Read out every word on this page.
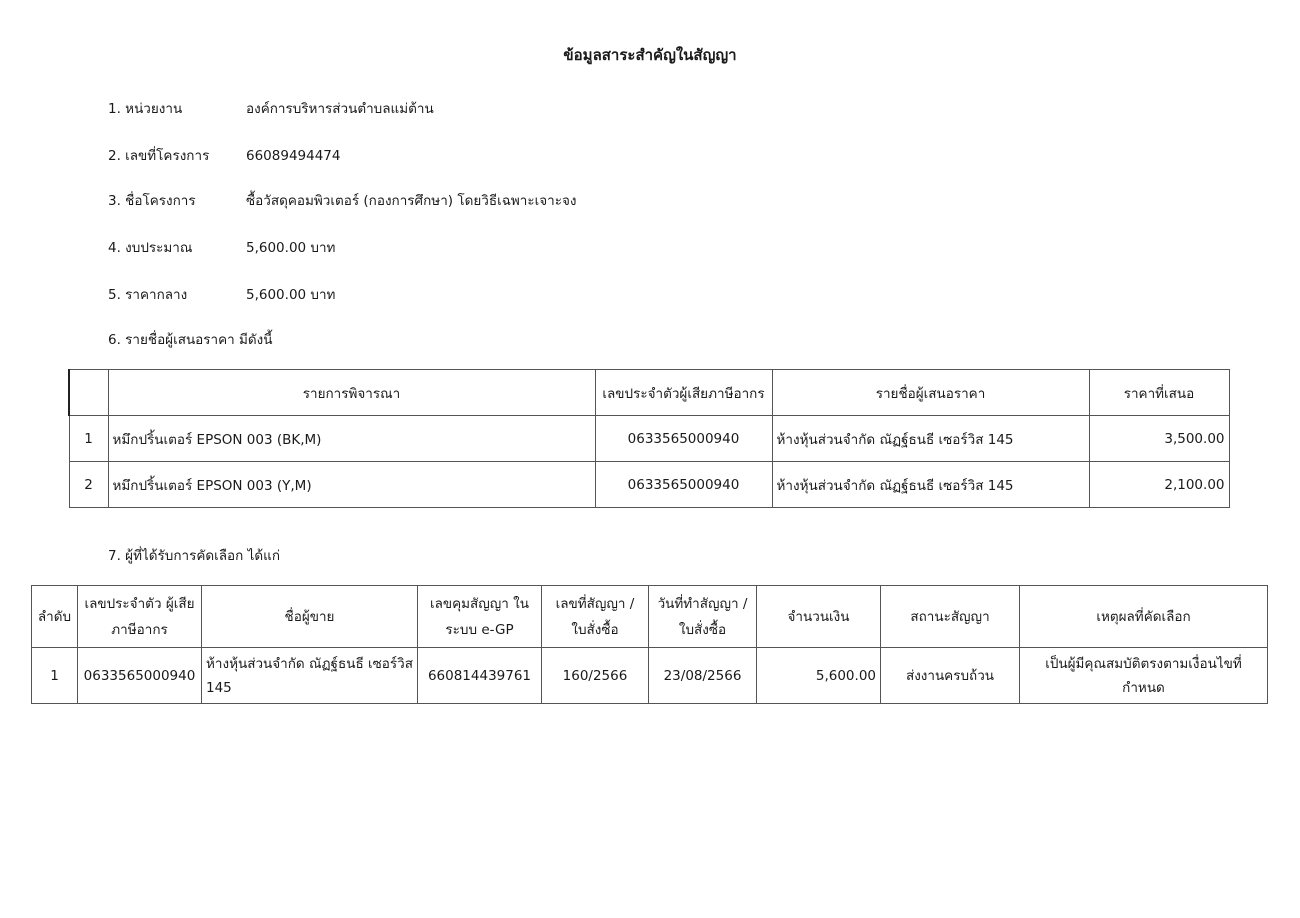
ข้อมูลสาระสำคัญในสัญญา
1. หน่วยงาน	องค์การบริหารส่วนตำบลแม่ต้าน
2. เลขที่โครงการ	66089494474
3. ชื่อโครงการ	ซื้อวัสดุคอมพิวเตอร์ (กองการศึกษา) โดยวิธีเฉพาะเจาะจง
4. งบประมาณ	5,600.00 บาท
5. ราคากลาง	5,600.00 บาท
6. รายชื่อผู้เสนอราคา มีดังนี้
	รายการพิจารณา	เลขประจำตัวผู้เสียภาษีอากร	รายชื่อผู้เสนอราคา	ราคาที่เสนอ
1	หมึกปริ้นเตอร์ EPSON 003 (BK,M)	0633565000940	ห้างหุ้นส่วนจำกัด ณัฏฐ์ธนธี เซอร์วิส 145	3,500.00
2	หมึกปริ้นเตอร์ EPSON 003 (Y,M)	0633565000940	ห้างหุ้นส่วนจำกัด ณัฏฐ์ธนธี เซอร์วิส 145	2,100.00
7. ผู้ที่ได้รับการคัดเลือก ได้แก่
ลำดับ	เลขประจำตัว ผู้เสียภาษีอากร	ชื่อผู้ขาย	เลขคุมสัญญา ในระบบ e-GP	เลขที่สัญญา / ใบสั่งซื้อ	วันที่ทำสัญญา / ใบสั่งซื้อ	จำนวนเงิน	สถานะสัญญา	เหตุผลที่คัดเลือก
1	0633565000940	ห้างหุ้นส่วนจำกัด ณัฏฐ์ธนธี เซอร์วิส 145	660814439761	160/2566	23/08/2566	5,600.00	ส่งงานครบถ้วน	เป็นผู้มีคุณสมบัติตรงตามเงื่อนไขที่กำหนด
